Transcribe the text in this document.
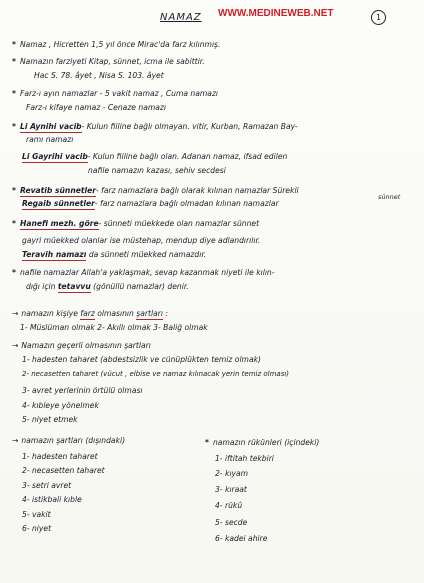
NAMAZ WWW.MEDINEWEB.NET	1
* Namaz , Hicretten 1,5 yıl önce Mirac'da farz kılınmış.
* Namazın farziyeti Kitap, sünnet, icma ile sabittir.
Hac S. 78. âyet , Nisa S. 103. âyet
* Farz-ı ayın namazlar - 5 vakit namaz , Cuma namazı
Farz-ı kifaye namaz - Cenaze namazı
* Li Aynihi vacib- Kulun fiiline bağlı olmayan. vitir, Kurban, Ramazan Bay-
ramı namazı
Li Gayrihi vacib- Kulun fiiline bağlı olan. Adanan namaz, ifsad edilen
nafile namazın kazası, sehiv secdesi
* Revatib sünnetler- farz namazlara bağlı olarak kılınan namazlar Sürekli
sünnet
Regaib sünnetler- farz namazlara bağlı olmadan kılınan namazlar
* Hanefi mezh. göre- sünneti müekkede olan namazlar sünnet
gayri müekked olanlar ise müstehap, mendup diye adlandırılır.
Teravih namazı da sünneti müekked namazdır.
* nafile namazlar Allah'a yaklaşmak, sevap kazanmak niyeti ile kılın-
dığı için tetavvu (gönüllü namazlar) denir.
→ namazın kişiye farz olmasının şartları :
1- Müslüman olmak 2- Akıllı olmak 3- Baliğ olmak
→ Namazın geçerli olmasının şartları
1- hadesten taharet (abdestsizlik ve cünüplükten temiz olmak)
2- necasetten taharet (vücut , elbise ve namaz kılınacak yerin temiz olması)
3- avret yerlerinin örtülü olması
4- kıbleye yönelmek
5- niyet etmek
→ namazın şartları (dışındaki)
1- hadesten taharet
2- necasetten taharet
3- setri avret
4- istikbali kıble
5- vakit
6- niyet
* namazın rükünleri (içindeki)
1- iftitah tekbiri
2- kıyam
3- kıraat
4- rükû
5- secde
6- kadei ahire
